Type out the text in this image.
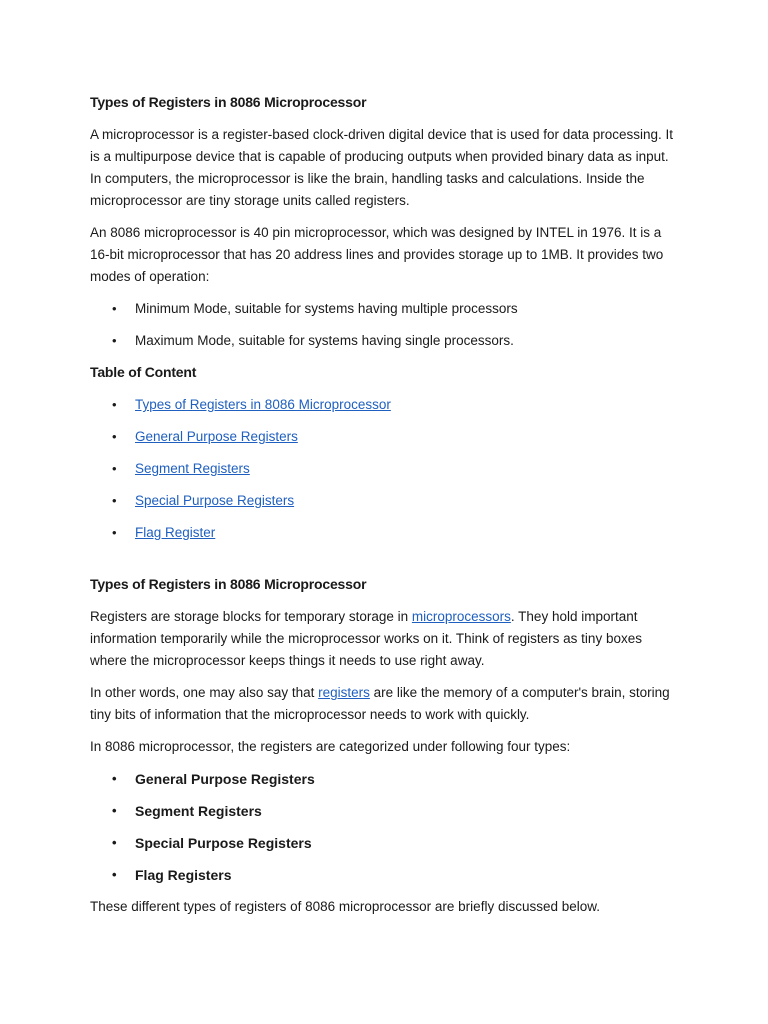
Types of Registers in 8086 Microprocessor

A microprocessor is a register-based clock-driven digital device that is used for data processing. It is a multipurpose device that is capable of producing outputs when provided binary data as input. In computers, the microprocessor is like the brain, handling tasks and calculations. Inside the microprocessor are tiny storage units called registers.

An 8086 microprocessor is 40 pin microprocessor, which was designed by INTEL in 1976. It is a 16-bit microprocessor that has 20 address lines and provides storage up to 1MB. It provides two modes of operation:

• Minimum Mode, suitable for systems having multiple processors
• Maximum Mode, suitable for systems having single processors.
Table of Content
• Types of Registers in 8086 Microprocessor
• General Purpose Registers
• Segment Registers
• Special Purpose Registers
• Flag Register
Types of Registers in 8086 Microprocessor

Registers are storage blocks for temporary storage in microprocessors. They hold important information temporarily while the microprocessor works on it. Think of registers as tiny boxes where the microprocessor keeps things it needs to use right away.

In other words, one may also say that registers are like the memory of a computer's brain, storing tiny bits of information that the microprocessor needs to work with quickly.

In 8086 microprocessor, the registers are categorized under following four types:

• General Purpose Registers
• Segment Registers
• Special Purpose Registers
• Flag Registers

These different types of registers of 8086 microprocessor are briefly discussed below.
